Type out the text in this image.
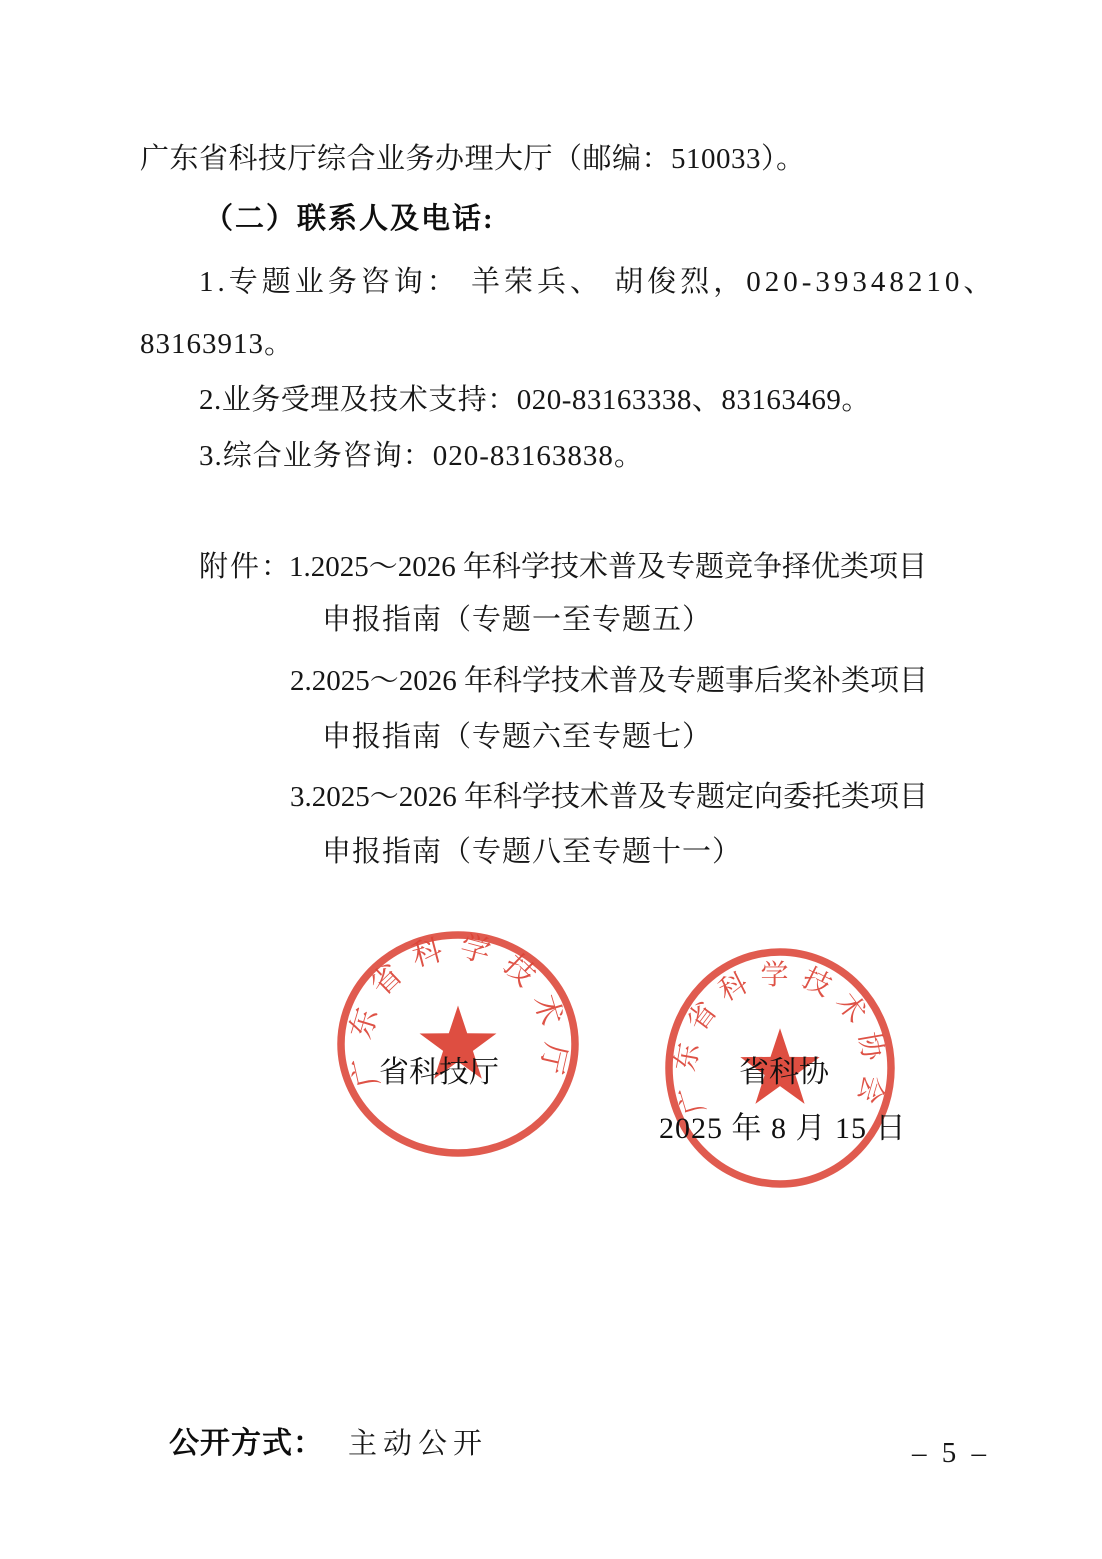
广东省科技厅综合业务办理大厅（邮编：510033）。
（二）联系人及电话:
1.专题业务咨询： 羊荣兵、 胡俊烈，020-39348210、
83163913。
2.业务受理及技术支持：020-83163338、83163469。
3.综合业务咨询：020-83163838。
附件：
1.2025～2026 年科学技术普及专题竞争择优类项目
申报指南（专题一至专题五）
2.2025～2026 年科学技术普及专题事后奖补类项目
申报指南（专题六至专题七）
3.2025～2026 年科学技术普及专题定向委托类项目
申报指南（专题八至专题十一）
广东省科学技术厅
广东省科学技术协会
省科技厅	省科协
2025 年 8 月 15 日

公开方式： 主动公开
	– 5 –
